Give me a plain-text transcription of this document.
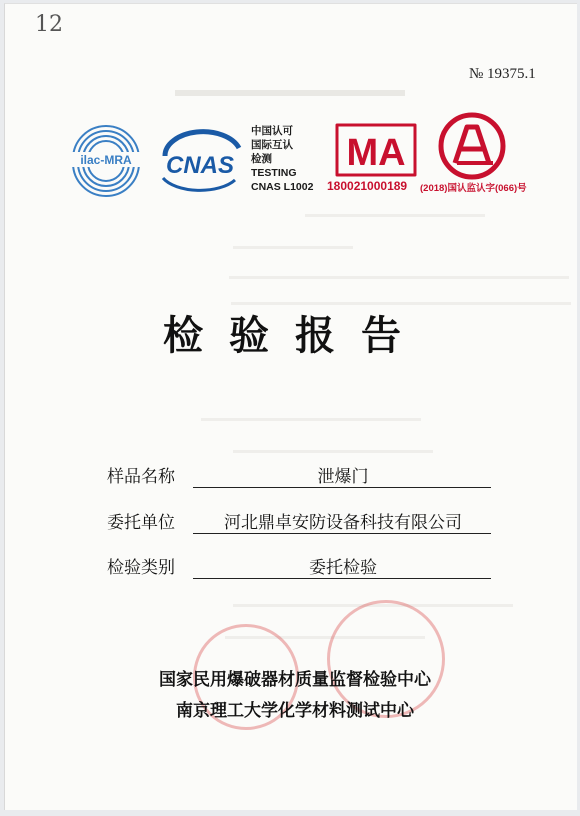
12
№ 19375.1
ilac-MRA CNAS
中国认可
国际互认
检测
TESTING
CNAS L1002
MA
180021000189 (2018)国认监认字(066)号
检验报告
样品名称	泄爆门
委托单位	河北鼎卓安防设备科技有限公司
检验类别	委托检验
国家民用爆破器材质量监督检验中心
南京理工大学化学材料测试中心
